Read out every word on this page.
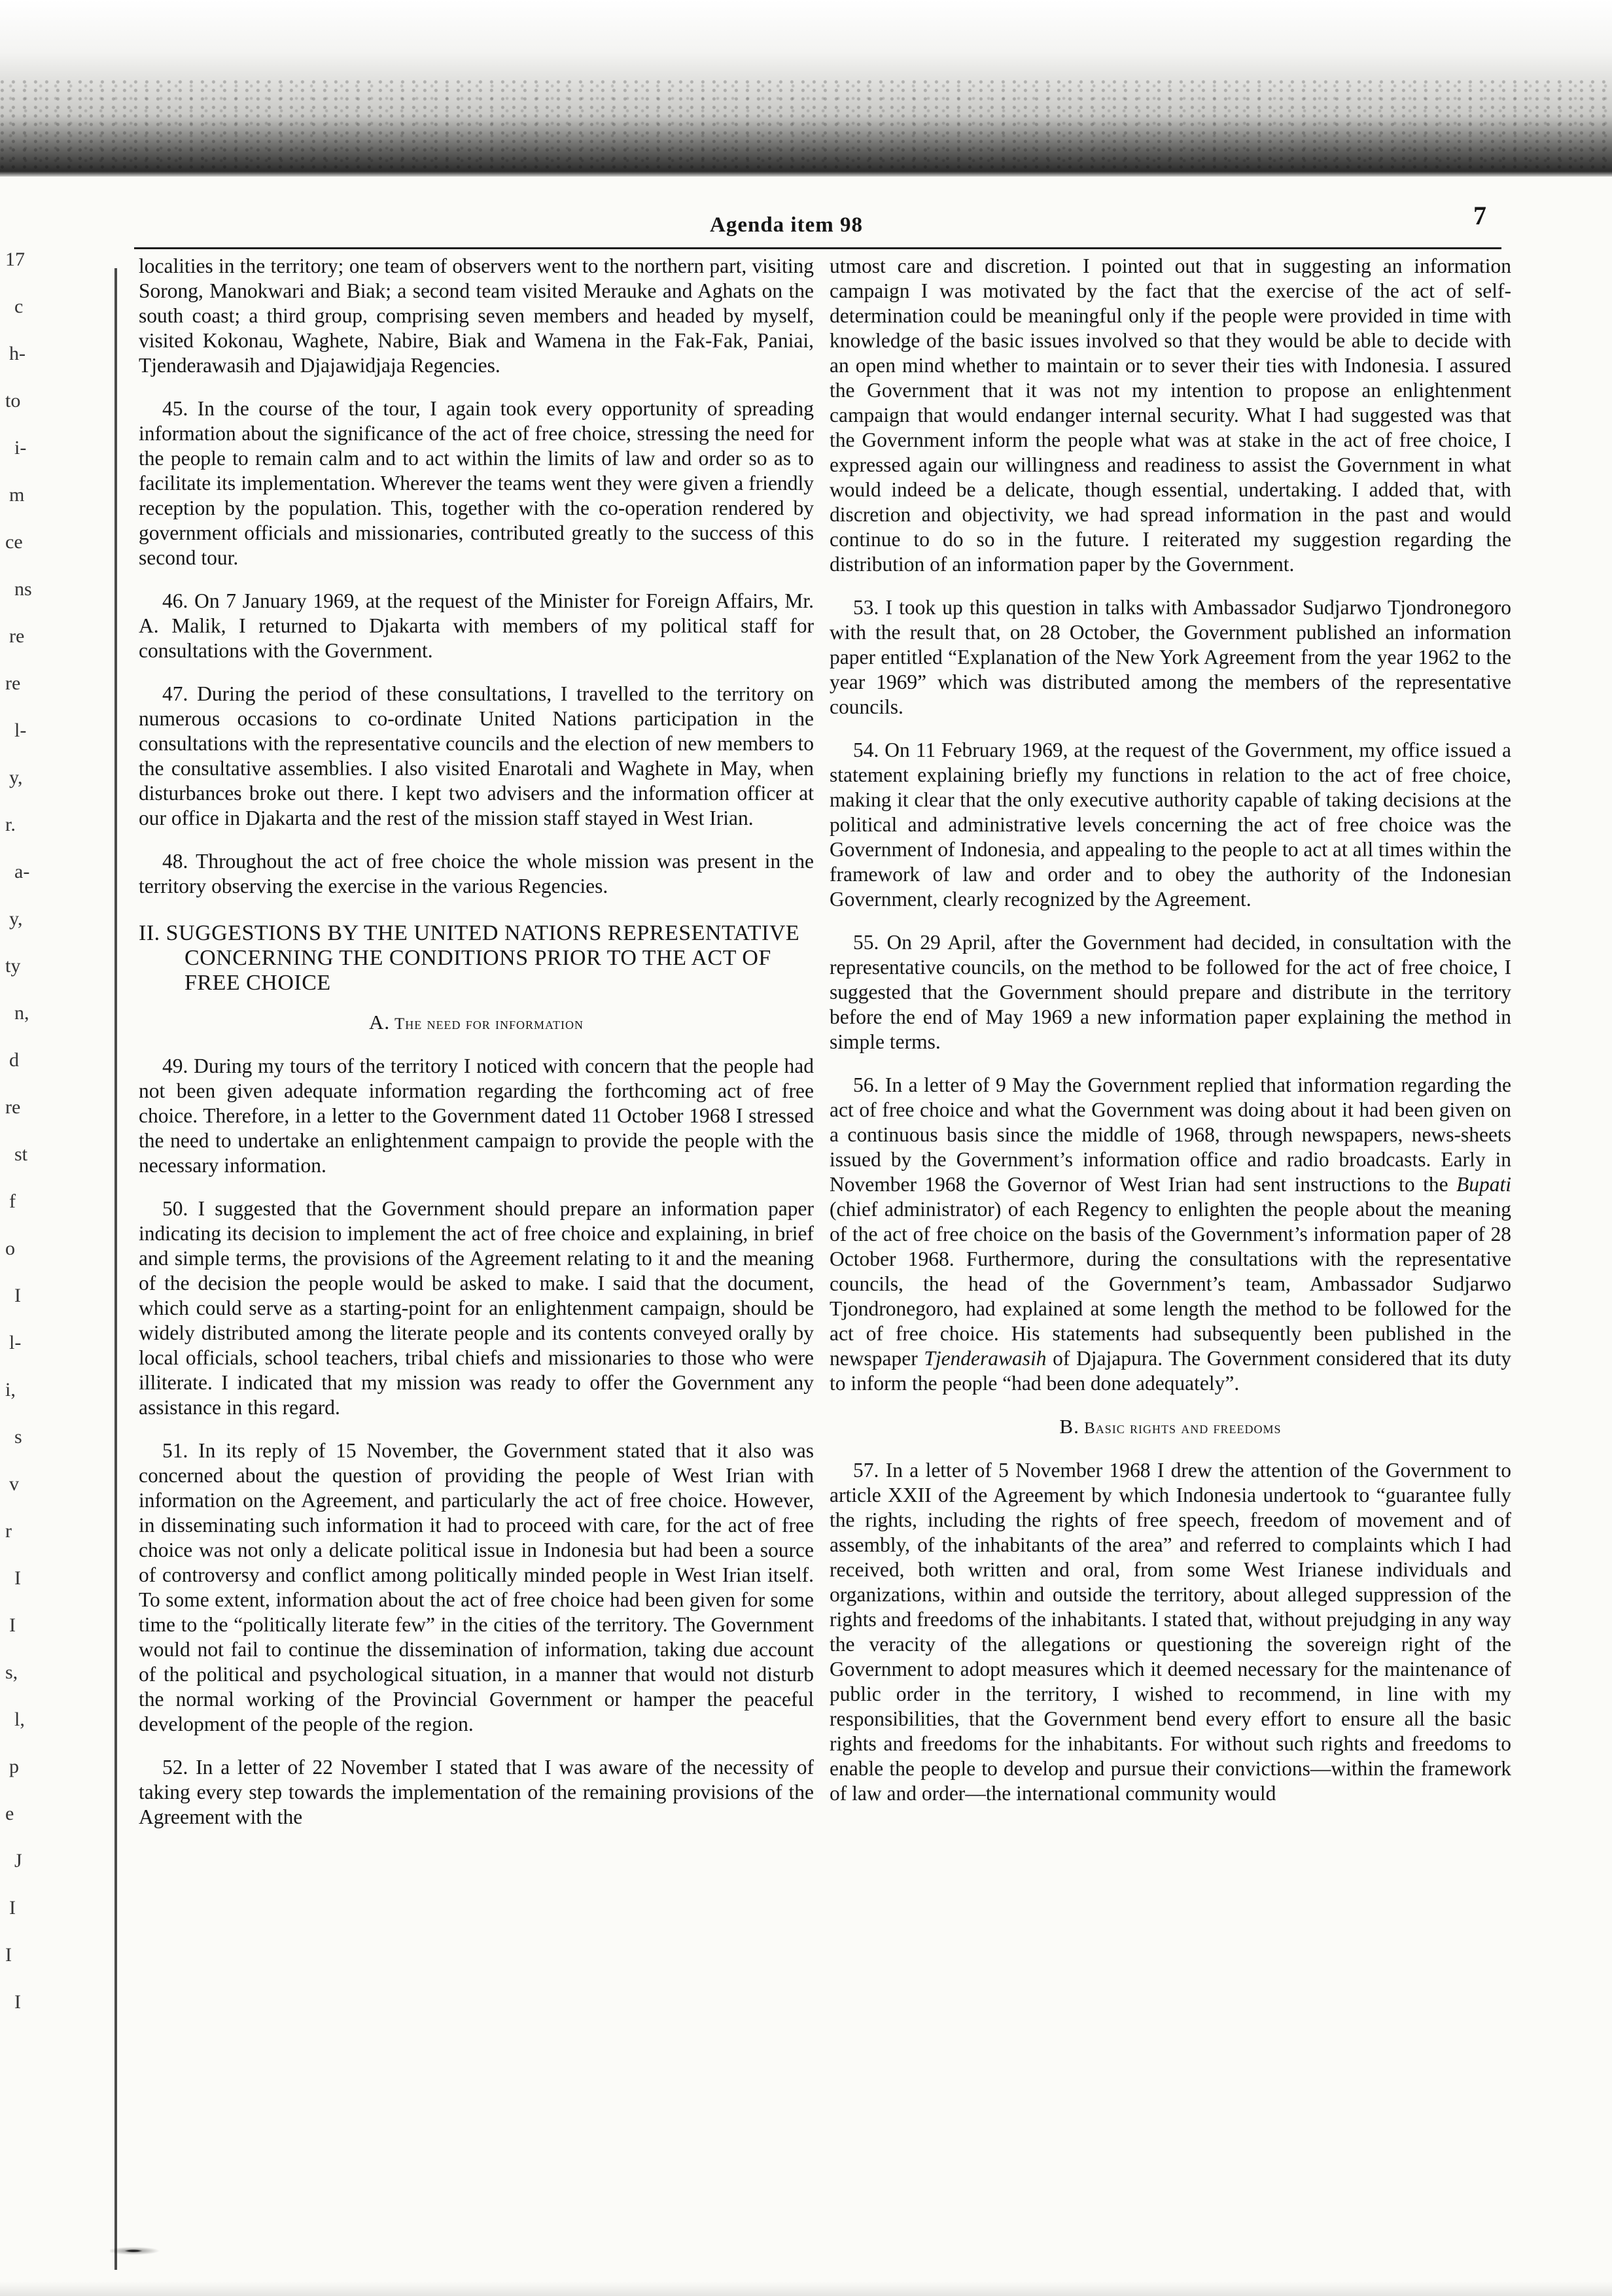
17
c
h-
to
i-
m
ce
ns
re
re
l-
y,
r.
a-
y,
ty
n,
d
re
st
f
o
I
l-
i,
s
v
r
I
I
s,
l,
p
e
J
I
I
I
Agenda item 98	7

localities in the territory; one team of observers went to the northern part, visiting Sorong, Manokwari and Biak; a second team visited Merauke and Aghats on the south coast; a third group, comprising seven members and headed by myself, visited Kokonau, Waghete, Nabire, Biak and Wamena in the Fak-Fak, Paniai, Tjenderawasih and Djajawidjaja Regencies.

45. In the course of the tour, I again took every opportunity of spreading information about the significance of the act of free choice, stressing the need for the people to remain calm and to act within the limits of law and order so as to facilitate its implementation. Wherever the teams went they were given a friendly reception by the population. This, together with the co-operation rendered by government officials and missionaries, contributed greatly to the success of this second tour.

46. On 7 January 1969, at the request of the Minister for Foreign Affairs, Mr. A. Malik, I returned to Djakarta with members of my political staff for consultations with the Government.

47. During the period of these consultations, I travelled to the territory on numerous occasions to co-ordinate United Nations participation in the consultations with the representative councils and the election of new members to the consultative assemblies. I also visited Enarotali and Waghete in May, when disturbances broke out there. I kept two advisers and the information officer at our office in Djakarta and the rest of the mission staff stayed in West Irian.

48. Throughout the act of free choice the whole mission was present in the territory observing the exercise in the various Regencies.

II. SUGGESTIONS BY THE UNITED NATIONS REPRESENTATIVE CONCERNING THE CONDITIONS PRIOR TO THE ACT OF FREE CHOICE
A. The need for information

49. During my tours of the territory I noticed with concern that the people had not been given adequate information regarding the forthcoming act of free choice. Therefore, in a letter to the Government dated 11 October 1968 I stressed the need to undertake an enlightenment campaign to provide the people with the necessary information.

50. I suggested that the Government should prepare an information paper indicating its decision to implement the act of free choice and explaining, in brief and simple terms, the provisions of the Agreement relating to it and the meaning of the decision the people would be asked to make. I said that the document, which could serve as a starting-point for an enlightenment campaign, should be widely distributed among the literate people and its contents conveyed orally by local officials, school teachers, tribal chiefs and missionaries to those who were illiterate. I indicated that my mission was ready to offer the Government any assistance in this regard.

51. In its reply of 15 November, the Government stated that it also was concerned about the question of providing the people of West Irian with information on the Agreement, and particularly the act of free choice. However, in disseminating such information it had to proceed with care, for the act of free choice was not only a delicate political issue in Indonesia but had been a source of controversy and conflict among politically minded people in West Irian itself. To some extent, information about the act of free choice had been given for some time to the “politically literate few” in the cities of the territory. The Government would not fail to continue the dissemination of information, taking due account of the political and psychological situation, in a manner that would not disturb the normal working of the Provincial Government or hamper the peaceful development of the people of the region.

52. In a letter of 22 November I stated that I was aware of the necessity of taking every step towards the implementation of the remaining provisions of the Agreement with the

utmost care and discretion. I pointed out that in suggesting an information campaign I was motivated by the fact that the exercise of the act of self-determination could be meaningful only if the people were provided in time with knowledge of the basic issues involved so that they would be able to decide with an open mind whether to maintain or to sever their ties with Indonesia. I assured the Government that it was not my intention to propose an enlightenment campaign that would endanger internal security. What I had suggested was that the Government inform the people what was at stake in the act of free choice, I expressed again our willingness and readiness to assist the Government in what would indeed be a delicate, though essential, undertaking. I added that, with discretion and objectivity, we had spread information in the past and would continue to do so in the future. I reiterated my suggestion regarding the distribution of an information paper by the Government.

53. I took up this question in talks with Ambassador Sudjarwo Tjondronegoro with the result that, on 28 October, the Government published an information paper entitled “Explanation of the New York Agreement from the year 1962 to the year 1969” which was distributed among the members of the representative councils.

54. On 11 February 1969, at the request of the Government, my office issued a statement explaining briefly my functions in relation to the act of free choice, making it clear that the only executive authority capable of taking decisions at the political and administrative levels concerning the act of free choice was the Government of Indonesia, and appealing to the people to act at all times within the framework of law and order and to obey the authority of the Indonesian Government, clearly recognized by the Agreement.

55. On 29 April, after the Government had decided, in consultation with the representative councils, on the method to be followed for the act of free choice, I suggested that the Government should prepare and distribute in the territory before the end of May 1969 a new information paper explaining the method in simple terms.

56. In a letter of 9 May the Government replied that information regarding the act of free choice and what the Government was doing about it had been given on a continuous basis since the middle of 1968, through newspapers, news-sheets issued by the Government’s information office and radio broadcasts. Early in November 1968 the Governor of West Irian had sent instructions to the Bupati (chief administrator) of each Regency to enlighten the people about the meaning of the act of free choice on the basis of the Government’s information paper of 28 October 1968. Furthermore, during the consultations with the representative councils, the head of the Government’s team, Ambassador Sudjarwo Tjondronegoro, had explained at some length the method to be followed for the act of free choice. His statements had subsequently been published in the newspaper Tjenderawasih of Djajapura. The Government considered that its duty to inform the people “had been done adequately”.

B. Basic rights and freedoms

57. In a letter of 5 November 1968 I drew the attention of the Government to article XXII of the Agreement by which Indonesia undertook to “guarantee fully the rights, including the rights of free speech, freedom of movement and of assembly, of the inhabitants of the area” and referred to complaints which I had received, both written and oral, from some West Irianese individuals and organizations, within and outside the territory, about alleged suppression of the rights and freedoms of the inhabitants. I stated that, without prejudging in any way the veracity of the allegations or questioning the sovereign right of the Government to adopt measures which it deemed necessary for the maintenance of public order in the territory, I wished to recommend, in line with my responsibilities, that the Government bend every effort to ensure all the basic rights and freedoms for the inhabitants. For without such rights and freedoms to enable the people to develop and pursue their convictions—within the framework of law and order—the international community would
